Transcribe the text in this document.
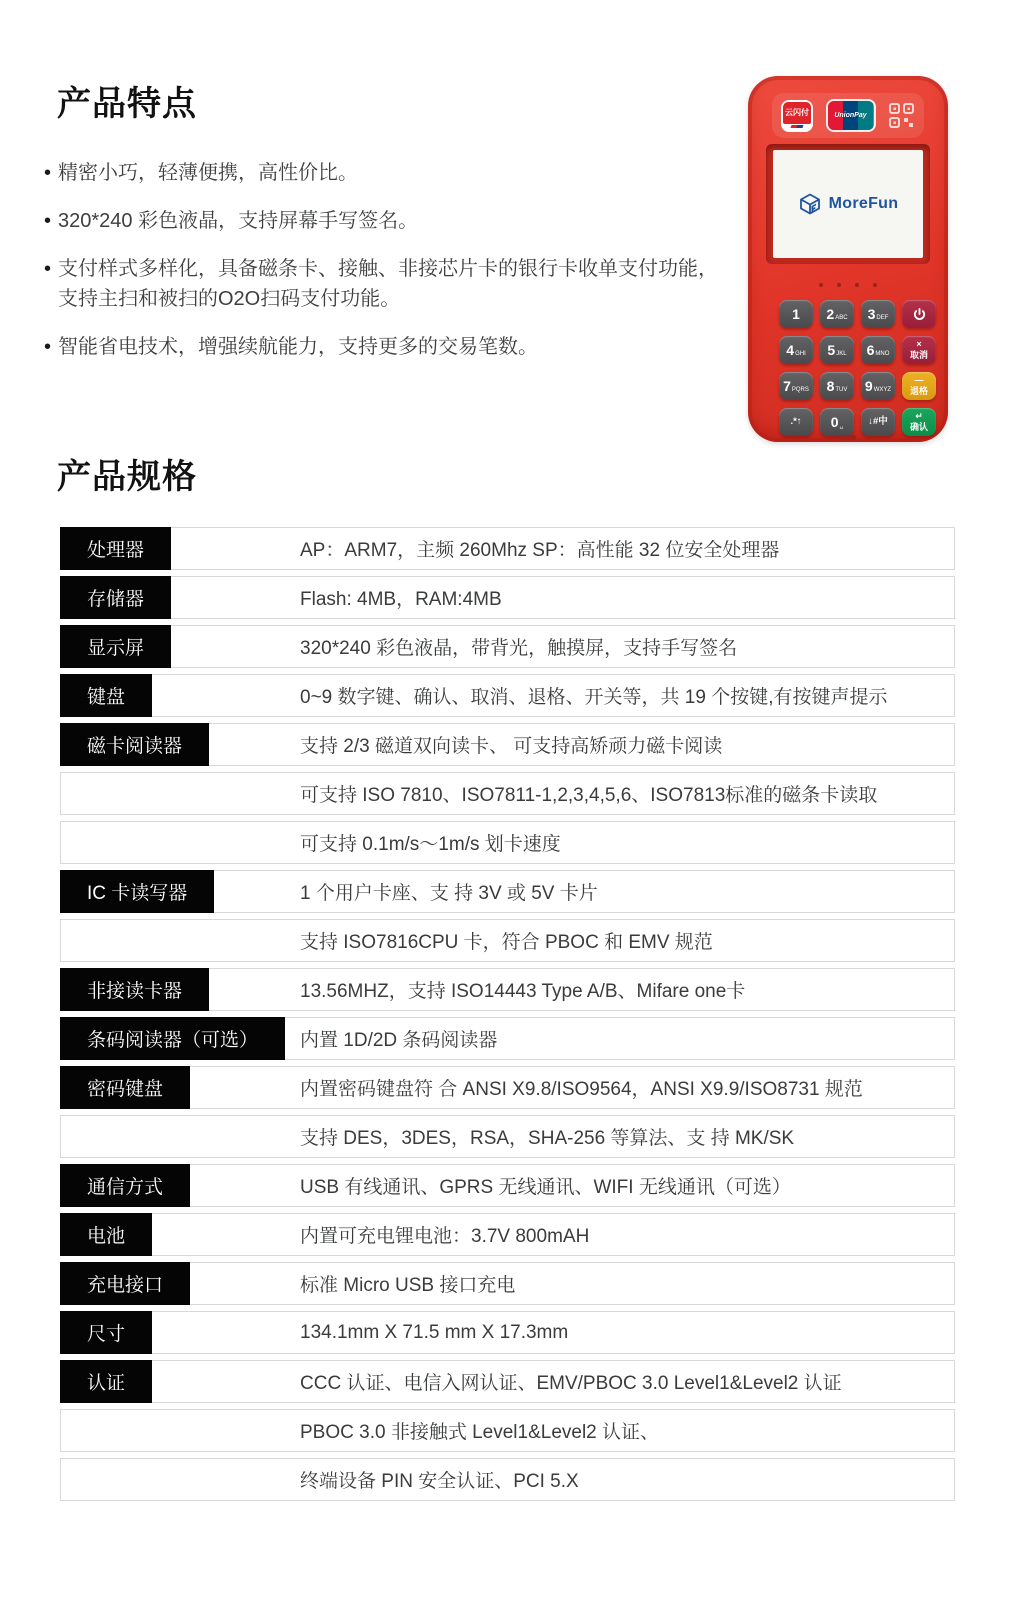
产品特点
• 精密小巧，轻薄便携，高性价比。
• 320*240 彩色液晶，支持屏幕手写签名。
• 支付样式多样化，具备磁条卡、接触、非接芯片卡的银行卡收单支付功能， 支持主扫和被扫的O2O扫码支付功能。
• 智能省电技术，增强续航能力，支持更多的交易笔数。
云闪付	UnionPay
MoreFun
1 2 ABC 3 DEF
4 GHI 5 JKL 6 MNO
×
取消
7 PQRS 8 TUV 9 WXYZ
—
退格
.*↑ 0 ␣	↓#中
↵
确认
产品规格
处理器	AP：ARM7，主频 260Mhz SP：高性能 32 位安全处理器
存储器	Flash: 4MB，RAM:4MB
显示屏	320*240 彩色液晶，带背光，触摸屏，支持手写签名
键盘	0~9 数字键、确认、取消、退格、开关等，共 19 个按键,有按键声提示
磁卡阅读器	支持 2/3 磁道双向读卡、 可支持高矫顽力磁卡阅读
可支持 ISO 7810、ISO7811-1,2,3,4,5,6、ISO7813标准的磁条卡读取
可支持 0.1m/s～1m/s 划卡速度
IC 卡读写器	1 个用户卡座、支 持 3V 或 5V 卡片
支持 ISO7816CPU 卡，符合 PBOC 和 EMV 规范
非接读卡器	13.56MHZ，支持 ISO14443 Type A/B、Mifare one卡
条码阅读器（可选）	内置 1D/2D 条码阅读器
密码键盘	内置密码键盘符 合 ANSI X9.8/ISO9564，ANSI X9.9/ISO8731 规范
支持 DES，3DES，RSA，SHA-256 等算法、支 持 MK/SK
通信方式	USB 有线通讯、GPRS 无线通讯、WIFI 无线通讯（可选）
电池	内置可充电锂电池：3.7V 800mAH
充电接口	标准 Micro USB 接口充电
尺寸	134.1mm X 71.5 mm X 17.3mm
认证	CCC 认证、电信入网认证、EMV/PBOC 3.0 Level1&Level2 认证
PBOC 3.0 非接触式 Level1&Level2 认证、
终端设备 PIN 安全认证、PCI 5.X
